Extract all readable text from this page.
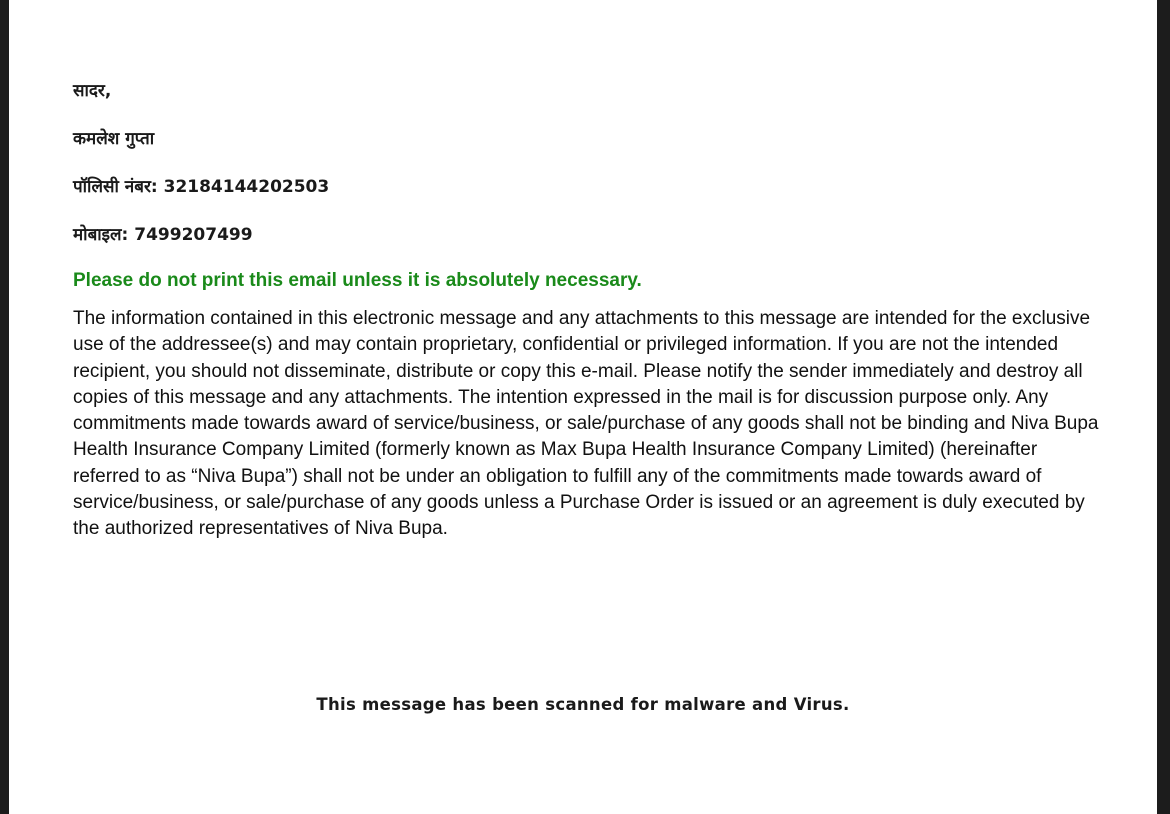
सादर,
कमलेश गुप्ता
पॉलिसी नंबर: 32184144202503
मोबाइल: 7499207499
Please do not print this email unless it is absolutely necessary.
The information contained in this electronic message and any attachments to this message are intended for the exclusive use of the addressee(s) and may contain proprietary, confidential or privileged information. If you are not the intended recipient, you should not disseminate, distribute or copy this e-mail. Please notify the sender immediately and destroy all copies of this message and any attachments. The intention expressed in the mail is for discussion purpose only. Any commitments made towards award of service/business, or sale/purchase of any goods shall not be binding and Niva Bupa Health Insurance Company Limited (formerly known as Max Bupa Health Insurance Company Limited) (hereinafter referred to as “Niva Bupa”) shall not be under an obligation to fulfill any of the commitments made towards award of service/business, or sale/purchase of any goods unless a Purchase Order is issued or an agreement is duly executed by the authorized representatives of Niva Bupa.
This message has been scanned for malware and Virus.
